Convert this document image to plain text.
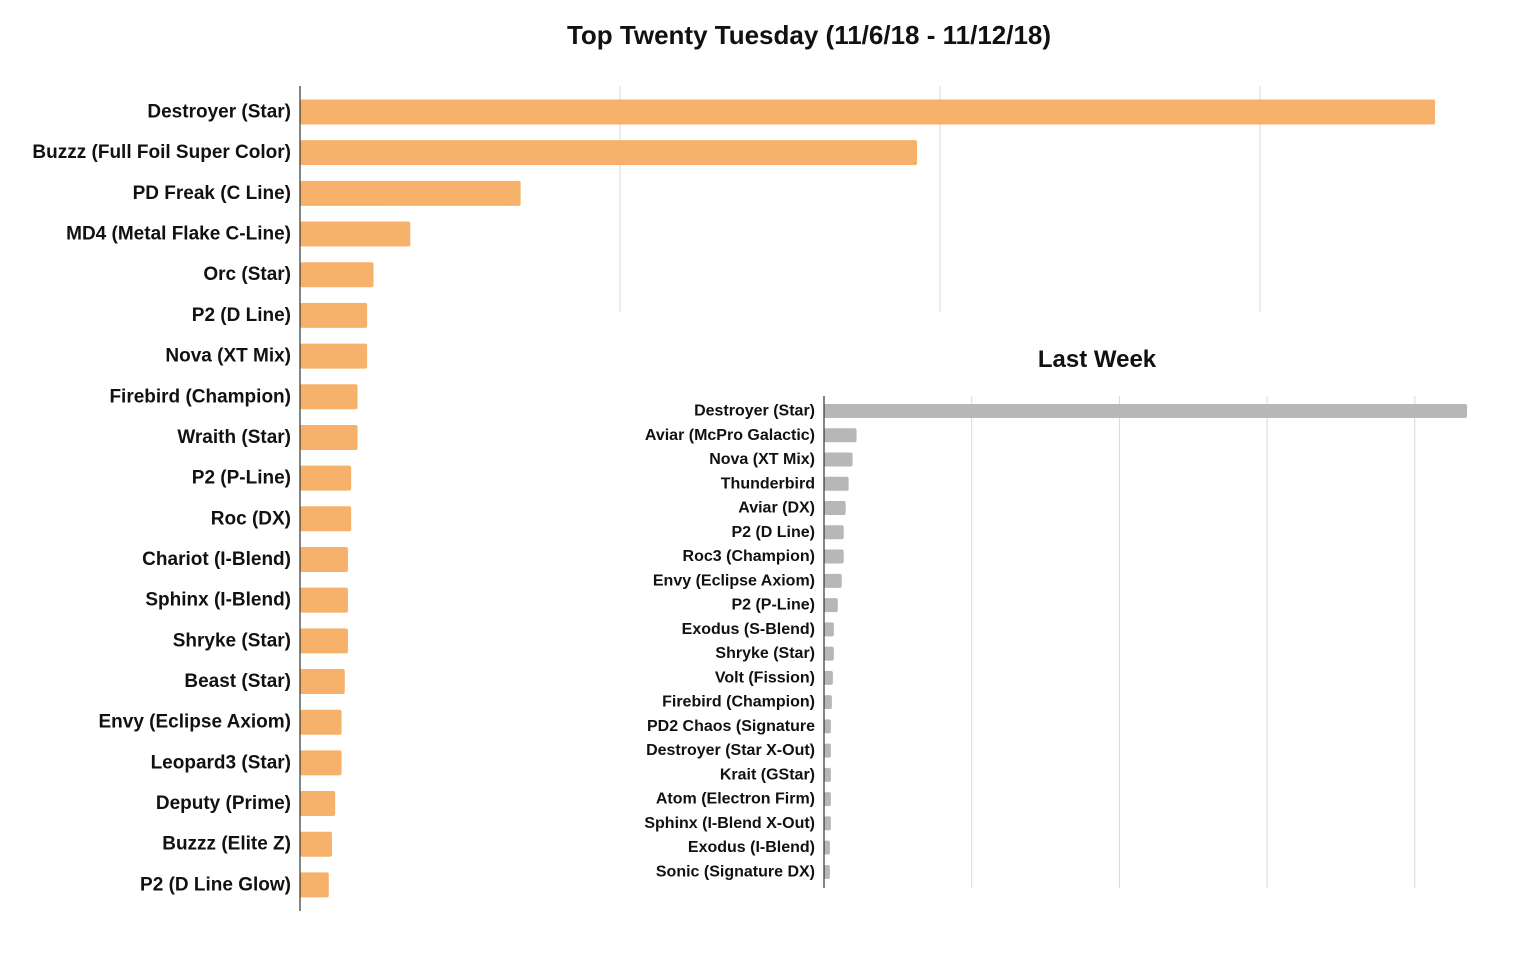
Top Twenty Tuesday (11/6/18 - 11/12/18)
Destroyer (Star)
Buzzz (Full Foil Super Color)
PD Freak (C Line)
MD4 (Metal Flake C-Line)
Orc (Star)
P2 (D Line)
Nova (XT Mix)
Firebird (Champion)
Wraith (Star)
P2 (P-Line)
Roc (DX)
Chariot (I-Blend)
Sphinx (I-Blend)
Shryke (Star)
Beast (Star)
Envy (Eclipse Axiom)
Leopard3 (Star)
Deputy (Prime)
Buzzz (Elite Z)
P2 (D Line Glow)
Last Week
Destroyer (Star)
Aviar (McPro Galactic)
Nova (XT Mix)
Thunderbird
Aviar (DX)
P2 (D Line)
Roc3 (Champion)
Envy (Eclipse Axiom)
P2 (P-Line)
Exodus (S-Blend)
Shryke (Star)
Volt (Fission)
Firebird (Champion)
PD2 Chaos (Signature
Destroyer (Star X-Out)
Krait (GStar)
Atom (Electron Firm)
Sphinx (I-Blend X-Out)
Exodus (I-Blend)
Sonic (Signature DX)
